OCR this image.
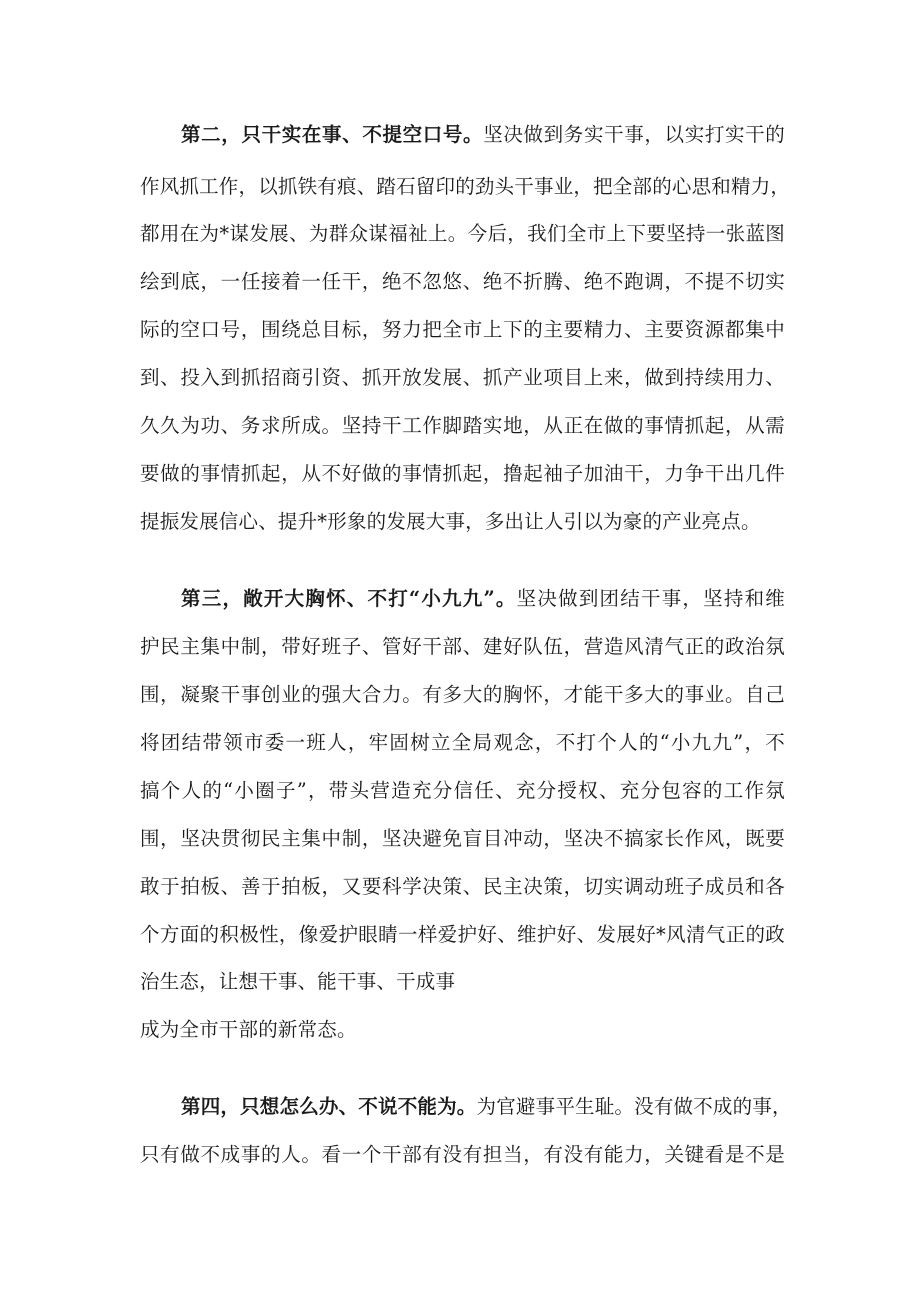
第二，只干实在事、不提空口号。坚决做到务实干事，以实打实干的
作风抓工作，以抓铁有痕、踏石留印的劲头干事业，把全部的心思和精力，
都用在为*谋发展、为群众谋福祉上。今后，我们全市上下要坚持一张蓝图
绘到底，一任接着一任干，绝不忽悠、绝不折腾、绝不跑调，不提不切实
际的空口号，围绕总目标，努力把全市上下的主要精力、主要资源都集中
到、投入到抓招商引资、抓开放发展、抓产业项目上来，做到持续用力、
久久为功、务求所成。坚持干工作脚踏实地，从正在做的事情抓起，从需
要做的事情抓起，从不好做的事情抓起，撸起袖子加油干，力争干出几件
提振发展信心、提升*形象的发展大事，多出让人引以为豪的产业亮点。
第三，敞开大胸怀、不打“小九九”。坚决做到团结干事，坚持和维
护民主集中制，带好班子、管好干部、建好队伍，营造风清气正的政治氛
围，凝聚干事创业的强大合力。有多大的胸怀，才能干多大的事业。自己
将团结带领市委一班人，牢固树立全局观念，不打个人的“小九九”，不
搞个人的“小圈子”，带头营造充分信任、充分授权、充分包容的工作氛
围，坚决贯彻民主集中制，坚决避免盲目冲动，坚决不搞家长作风，既要
敢于拍板、善于拍板，又要科学决策、民主决策，切实调动班子成员和各
个方面的积极性，像爱护眼睛一样爱护好、维护好、发展好*风清气正的政
治生态，让想干事、能干事、干成事
成为全市干部的新常态。
第四，只想怎么办、不说不能为。为官避事平生耻。没有做不成的事，
只有做不成事的人。看一个干部有没有担当，有没有能力，关键看是不是
